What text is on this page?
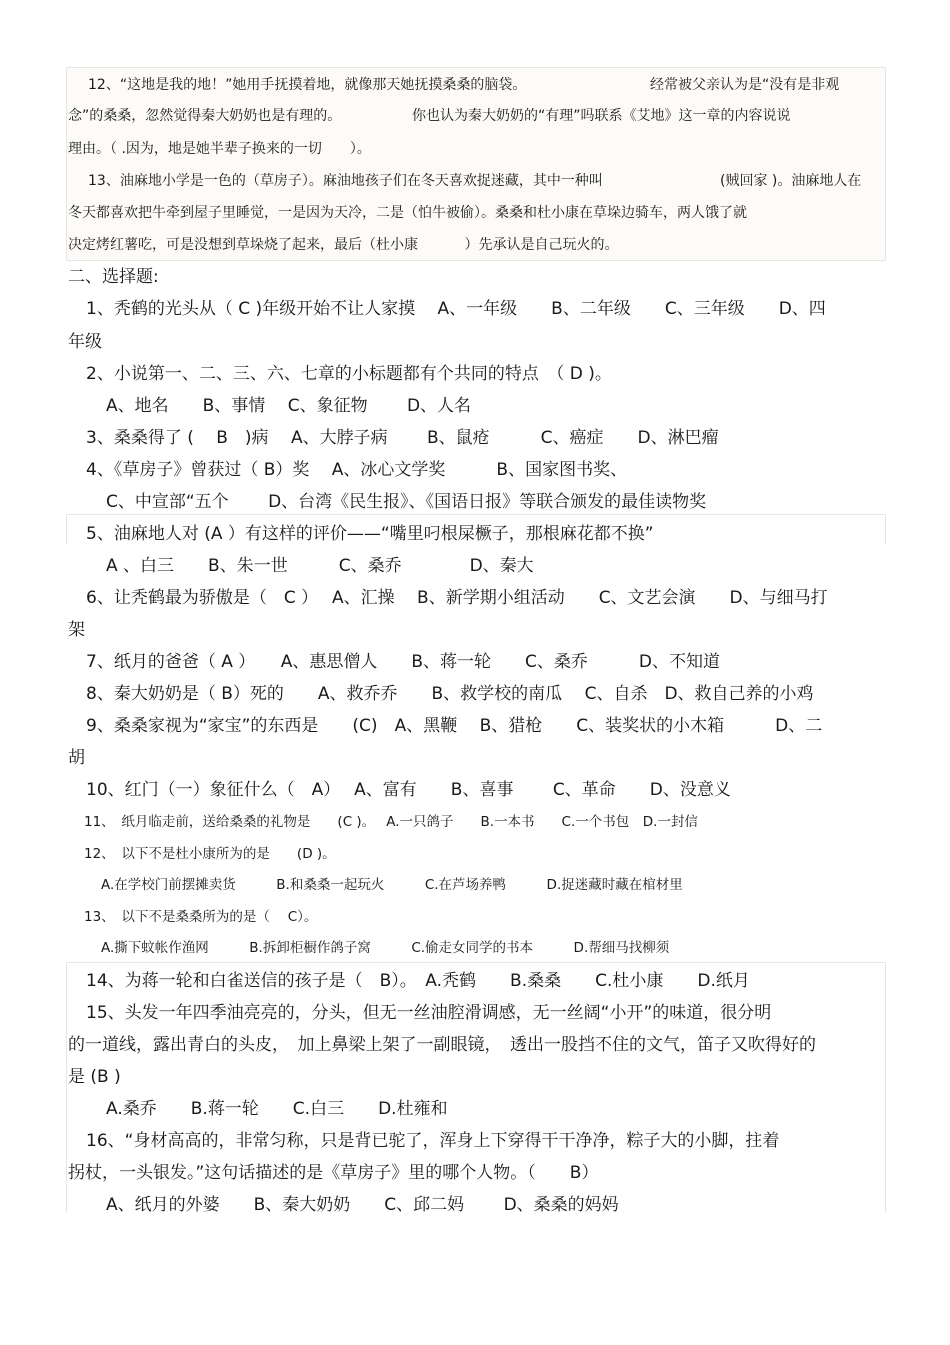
12、“这地是我的地！”她用手抚摸着地，就像那天她抚摸桑桑的脑袋。	经常被父亲认为是“没有是非观

念”的桑桑，忽然觉得秦大奶奶也是有理的。	你也认为秦大奶奶的“有理”吗联系《艾地》这一章的内容说说

理由。（ .因为，地是她半辈子换来的一切　　）。

13、油麻地小学是一色的（草房子）。麻油地孩子们在冬天喜欢捉迷藏，其中一种叫	(贼回家 )。油麻地人在

冬天都喜欢把牛牵到屋子里睡觉，一是因为天冷，二是（怕牛被偷）。桑桑和杜小康在草垛边骑车，两人饿了就

决定烤红薯吃，可是没想到草垛烧了起来，最后（杜小康　　　 ）先承认是自己玩火的。

二、选择题:

1、秃鹤的光头从（ C )年级开始不让人家摸　 A、一年级　　B、二年级　　C、三年级　　D、四

年级

2、小说第一、二、三、六、七章的小标题都有个共同的特点　（ D )。

A、地名　　B、事情　 C、象征物　　 D、人名

3、桑桑得了 (　 B　)病　 A、大脖子病　　 B、鼠疮　　　C、癌症　　D、淋巴瘤

4、《草房子》曾获过（ B）奖　 A、冰心文学奖　　　B、国家图书奖、

C、中宣部“五个　　 D、台湾《民生报》、《国语日报》等联合颁发的最佳读物奖

5、油麻地人对 (A ）有这样的评价——“嘴里叼根屎橛子，那根麻花都不换”

A 、白三　　B、朱一世　　　C、桑乔　　　　D、秦大

6、让秃鹤最为骄傲是（　C ）　 A、汇操　 B、新学期小组活动　　C、文艺会演　　D、与细马打

架

7、纸月的爸爸（ A ）　　A、惠思僧人　　B、蒋一轮　　C、桑乔　　　D、不知道

8、秦大奶奶是（ B）死的　　A、救乔乔　　B、救学校的南瓜　 C、自杀　D、救自己养的小鸡

9、桑桑家视为“家宝”的东西是　　(C)　A、黑鞭　 B、猎枪　　C、装奖状的小木箱　　　D、二

胡

10、红门（一）象征什么（　A）　 A、富有　　B、喜事　　 C、革命　　D、没意义

11、　纸月临走前，送给桑桑的礼物是　　(C )。　 A.一只鸽子　　B.一本书　　C.一个书包　D.一封信

12、　以下不是杜小康所为的是　　(D )。

A.在学校门前摆摊卖货　　　B.和桑桑一起玩火　　　C.在芦场养鸭　　　D.捉迷藏时藏在棺材里

13、　以下不是桑桑所为的是（　 C）。

A.撕下蚊帐作渔网　　　B.拆卸柜橱作鸽子窝　　　C.偷走女同学的书本　　　D.帮细马找柳须

14、为蒋一轮和白雀送信的孩子是（　B）。　A.秃鹤　　B.桑桑　　C.杜小康　　D.纸月

15、头发一年四季油亮亮的，分头，但无一丝油腔滑调感，无一丝阔“小开”的味道，很分明

的一道线，露出青白的头皮，　加上鼻梁上架了一副眼镜，　透出一股挡不住的文气，笛子又吹得好的

是 (B )

A.桑乔　　B.蒋一轮　　C.白三　　D.杜雍和

16、“身材高高的，非常匀称，只是背已驼了，浑身上下穿得干干净净，粽子大的小脚，拄着

拐杖，一头银发。”这句话描述的是《草房子》里的哪个人物。（　　B）

A、纸月的外婆　　B、秦大奶奶　　C、邱二妈　　 D、桑桑的妈妈
